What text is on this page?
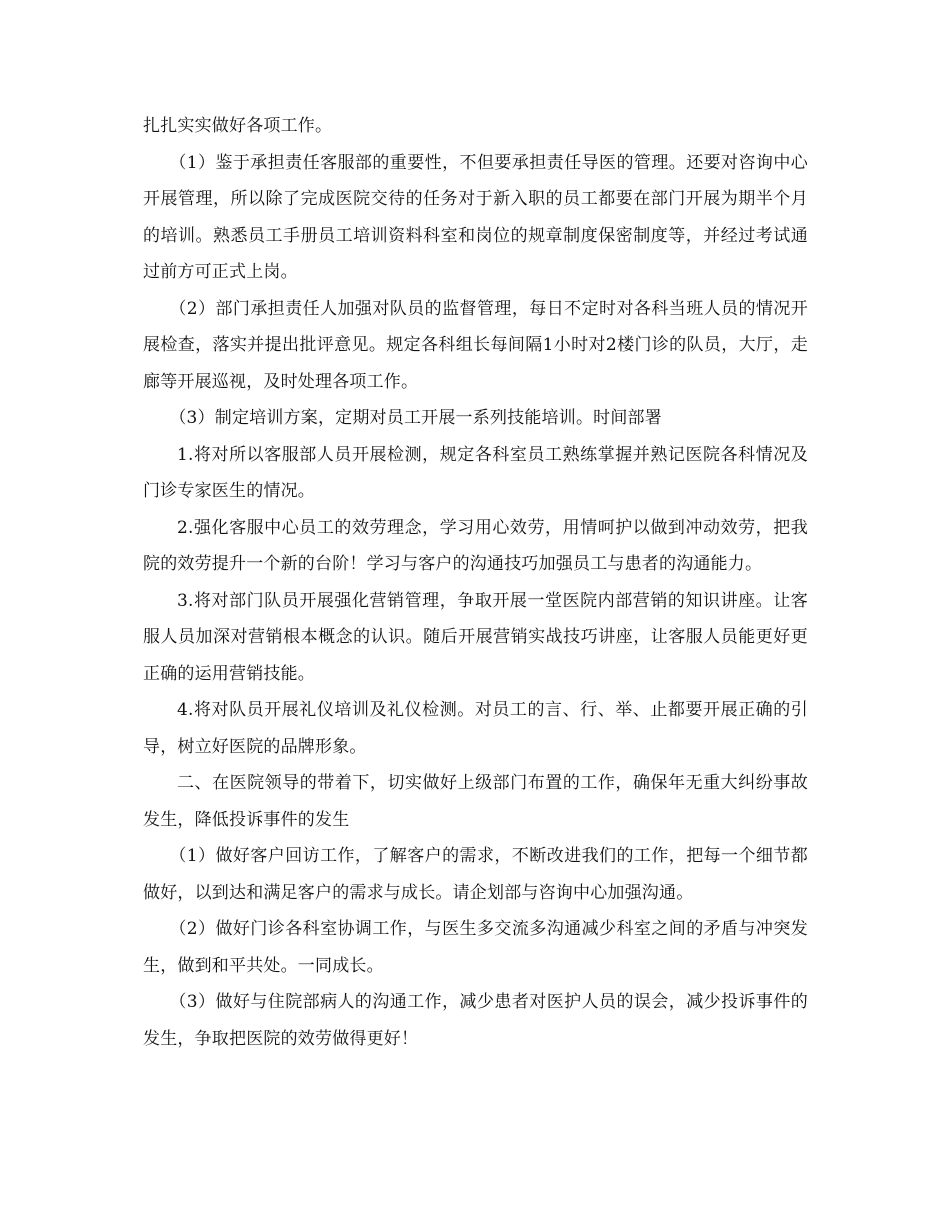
扎扎实实做好各项工作。

（1）鉴于承担责任客服部的重要性，不但要承担责任导医的管理。还要对咨询中心开展管理，所以除了完成医院交待的任务对于新入职的员工都要在部门开展为期半个月的培训。熟悉员工手册员工培训资料科室和岗位的规章制度保密制度等，并经过考试通过前方可正式上岗。

（2）部门承担责任人加强对队员的监督管理，每日不定时对各科当班人员的情况开展检查，落实并提出批评意见。规定各科组长每间隔1小时对2楼门诊的队员，大厅，走廊等开展巡视，及时处理各项工作。

（3）制定培训方案，定期对员工开展一系列技能培训。时间部署

1.将对所以客服部人员开展检测，规定各科室员工熟练掌握并熟记医院各科情况及门诊专家医生的情况。

2.强化客服中心员工的效劳理念，学习用心效劳，用情呵护以做到冲动效劳，把我院的效劳提升一个新的台阶！学习与客户的沟通技巧加强员工与患者的沟通能力。

3.将对部门队员开展强化营销管理，争取开展一堂医院内部营销的知识讲座。让客服人员加深对营销根本概念的认识。随后开展营销实战技巧讲座，让客服人员能更好更正确的运用营销技能。

4.将对队员开展礼仪培训及礼仪检测。对员工的言、行、举、止都要开展正确的引导，树立好医院的品牌形象。

二、在医院领导的带着下，切实做好上级部门布置的工作，确保年无重大纠纷事故发生，降低投诉事件的发生

（1）做好客户回访工作，了解客户的需求，不断改进我们的工作，把每一个细节都做好，以到达和满足客户的需求与成长。请企划部与咨询中心加强沟通。

（2）做好门诊各科室协调工作，与医生多交流多沟通减少科室之间的矛盾与冲突发生，做到和平共处。一同成长。

（3）做好与住院部病人的沟通工作，减少患者对医护人员的误会，减少投诉事件的发生，争取把医院的效劳做得更好！
